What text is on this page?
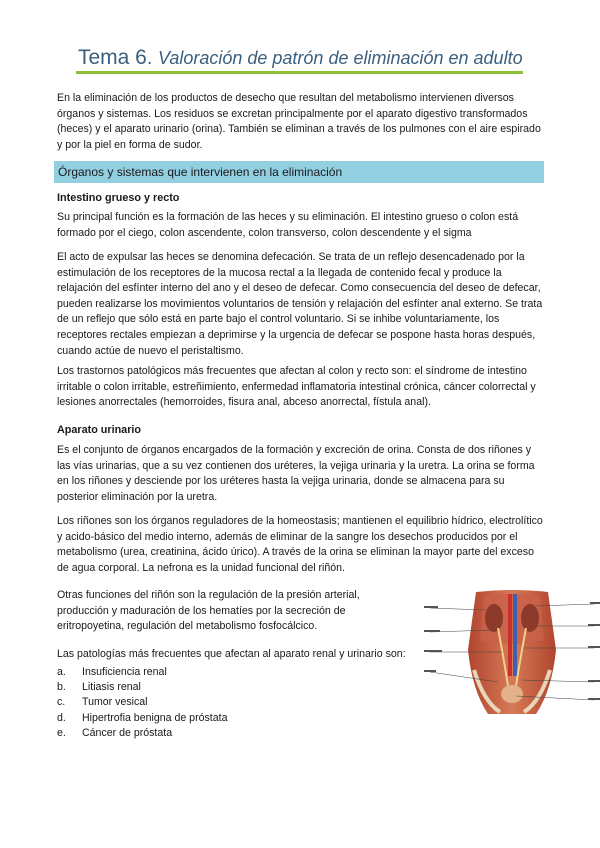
Tema 6. Valoración de patrón de eliminación en adulto

En la eliminación de los productos de desecho que resultan del metabolismo intervienen diversos órganos y sistemas. Los residuos se excretan principalmente por el aparato digestivo transformados (heces) y el aparato urinario (orina). También se eliminan a través de los pulmones con el aire espirado y por la piel en forma de sudor.

Órganos y sistemas que intervienen en la eliminación
Intestino grueso y recto

Su principal función es la formación de las heces y su eliminación. El intestino grueso o colon está formado por el ciego, colon ascendente, colon transverso, colon descendente y el sigma

El acto de expulsar las heces se denomina defecación. Se trata de un reflejo desencadenado por la estimulación de los receptores de la mucosa rectal a la llegada de contenido fecal y produce la relajación del esfínter interno del ano y el deseo de defecar. Como consecuencia del deseo de defecar, pueden realizarse los movimientos voluntarios de tensión y relajación del esfínter anal externo. Se trata de un reflejo que sólo está en parte bajo el control voluntario. Si se inhibe voluntariamente, los receptores rectales empiezan a deprimirse y la urgencia de defecar se pospone hasta horas después, cuando actúe de nuevo el peristaltismo.

Los trastornos patológicos más frecuentes que afectan al colon y recto son: el síndrome de intestino irritable o colon irritable, estreñimiento, enfermedad inflamatoria intestinal crónica, cáncer colorrectal y lesiones anorrectales (hemorroides, fisura anal, abceso anorrectal, fístula anal).

Aparato urinario

Es el conjunto de órganos encargados de la formación y excreción de orina. Consta de dos riñones y las vías urinarias, que a su vez contienen dos uréteres, la vejiga urinaria y la uretra. La orina se forma en los riñones y desciende por los uréteres hasta la vejiga urinaria, donde se almacena para su posterior eliminación por la uretra.

Los riñones son los órganos reguladores de la homeostasis; mantienen el equilibrio hídrico, electrolítico y acido-básico del medio interno, además de eliminar de la sangre los desechos producidos por el metabolismo (urea, creatinina, ácido úrico). A través de la orina se eliminan la mayor parte del exceso de agua corporal. La nefrona es la unidad funcional del riñón.

Otras funciones del riñón son la regulación de la presión arterial, producción y maduración de los hematíes por la secreción de eritropoyetina, regulación del metabolismo fosfocálcico.

Las patologías más frecuentes que afectan al aparato renal y urinario son:

a.	Insuficiencia renal
b.	Litiasis renal
c.	Tumor vesical
d.	Hipertrofia benigna de próstata
e.	Cáncer de próstata
